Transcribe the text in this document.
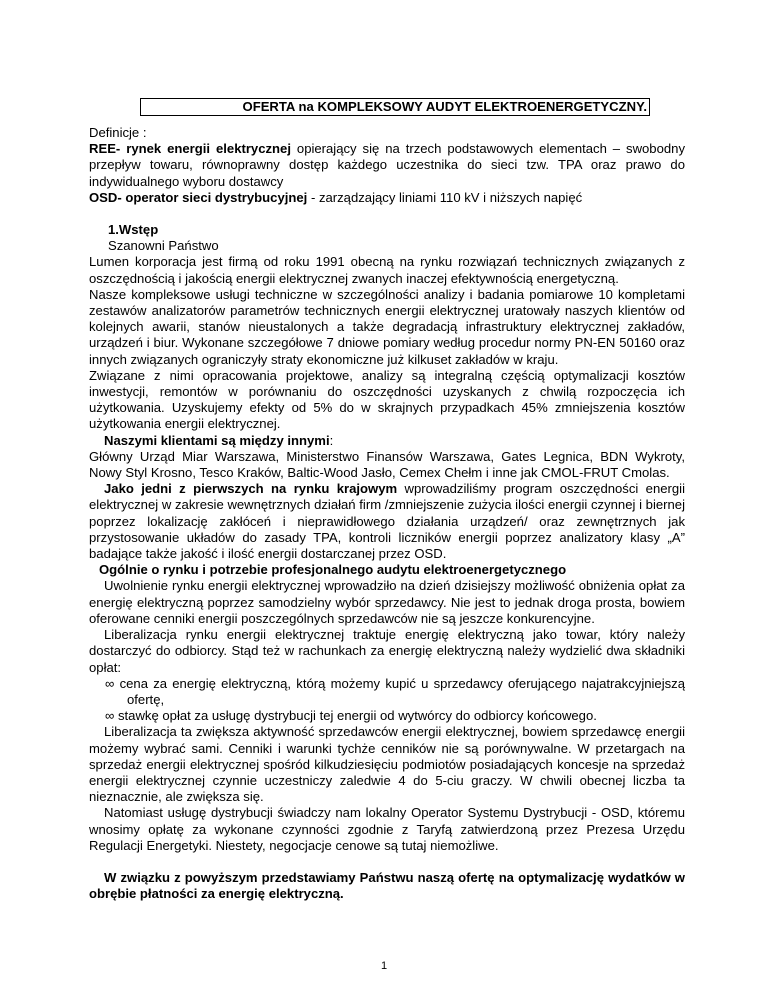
OFERTA na KOMPLEKSOWY AUDYT ELEKTROENERGETYCZNY.

Definicje :

REE- rynek energii elektrycznej opierający się na trzech podstawowych elementach – swobodny przepływ towaru, równoprawny dostęp każdego uczestnika do sieci tzw. TPA oraz prawo do indywidualnego wyboru dostawcy

OSD- operator sieci dystrybucyjnej - zarządzający liniami 110 kV i niższych napięć

1.Wstęp

Szanowni Państwo

Lumen korporacja jest firmą od roku 1991 obecną na rynku rozwiązań technicznych związanych z oszczędnością i jakością energii elektrycznej zwanych inaczej efektywnością energetyczną.

Nasze kompleksowe usługi techniczne w szczególności analizy i badania pomiarowe 10 kompletami zestawów analizatorów parametrów technicznych energii elektrycznej uratowały naszych klientów od kolejnych awarii, stanów nieustalonych a także degradacją infrastruktury elektrycznej zakładów, urządzeń i biur. Wykonane szczegółowe 7 dniowe pomiary według procedur normy PN-EN 50160 oraz innych związanych ograniczyły straty ekonomiczne już kilkuset zakładów w kraju.

Związane z nimi opracowania projektowe, analizy są integralną częścią optymalizacji kosztów inwestycji, remontów w porównaniu do oszczędności uzyskanych z chwilą rozpoczęcia ich użytkowania. Uzyskujemy efekty od 5% do w skrajnych przypadkach 45% zmniejszenia kosztów użytkowania energii elektrycznej.

Naszymi klientami są między innymi:

Główny Urząd Miar Warszawa, Ministerstwo Finansów Warszawa, Gates Legnica, BDN Wykroty, Nowy Styl Krosno, Tesco Kraków, Baltic-Wood Jasło, Cemex Chełm i inne jak CMOL-FRUT Cmolas.

Jako jedni z pierwszych na rynku krajowym wprowadziliśmy program oszczędności energii elektrycznej w zakresie wewnętrznych działań firm /zmniejszenie zużycia ilości energii czynnej i biernej poprzez lokalizację zakłóceń i nieprawidłowego działania urządzeń/ oraz zewnętrznych jak przystosowanie układów do zasady TPA, kontroli liczników energii poprzez analizatory klasy „A” badające także jakość i ilość energii dostarczanej przez OSD.

Ogólnie o rynku i potrzebie profesjonalnego audytu elektroenergetycznego

Uwolnienie rynku energii elektrycznej wprowadziło na dzień dzisiejszy możliwość obniżenia opłat za energię elektryczną poprzez samodzielny wybór sprzedawcy. Nie jest to jednak droga prosta, bowiem oferowane cenniki energii poszczególnych sprzedawców nie są jeszcze konkurencyjne.

Liberalizacja rynku energii elektrycznej traktuje energię elektryczną jako towar, który należy dostarczyć do odbiorcy. Stąd też w rachunkach za energię elektryczną należy wydzielić dwa składniki opłat:

∞ cena za energię elektryczną, którą możemy kupić u sprzedawcy oferującego najatrakcyjniejszą ofertę,

∞ stawkę opłat za usługę dystrybucji tej energii od wytwórcy do odbiorcy końcowego.

Liberalizacja ta zwiększa aktywność sprzedawców energii elektrycznej, bowiem sprzedawcę energii możemy wybrać sami. Cenniki i warunki tychże cenników nie są porównywalne. W przetargach na sprzedaż energii elektrycznej spośród kilkudziesięciu podmiotów posiadających koncesje na sprzedaż energii elektrycznej czynnie uczestniczy zaledwie 4 do 5-ciu graczy. W chwili obecnej liczba ta nieznacznie, ale zwiększa się.

Natomiast usługę dystrybucji świadczy nam lokalny Operator Systemu Dystrybucji - OSD, któremu wnosimy opłatę za wykonane czynności zgodnie z Taryfą zatwierdzoną przez Prezesa Urzędu Regulacji Energetyki. Niestety, negocjacje cenowe są tutaj niemożliwe.

W związku z powyższym przedstawiamy Państwu naszą ofertę na optymalizację wydatków w obrębie płatności za energię elektryczną.

1
